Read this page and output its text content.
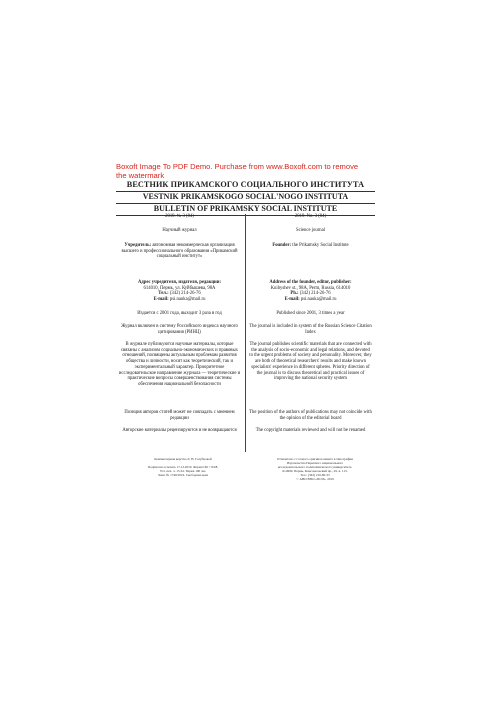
Boxoft Image To PDF Demo. Purchase from www.Boxoft.com to remove
the watermark
ВЕСТНИК ПРИКАМСКОГО СОЦИАЛЬНОГО ИНСТИТУТА
VESTNIK PRIKAMSKOGO SOCIAL'NOGO INSTITUTA
BULLETIN OF PRIKAMSKY SOCIAL INSTITUTE
2019. № 3 (84)
Научный журнал
Учредитель: автономная некоммерческая организация высшего и профессионального образования «Прикамский социальный институт»
Адрес учредителя, издателя, редакции:
614010, Пермь, ул. Куйбышева, 98А
Тел.: (342) 214-26-76
E-mail: psi.nauka@mail.ru
Издается с 2001 года, выходит 3 раза в год
Журнал включен в систему Российского индекса научного цитирования (РИНЦ)
В журнале публикуются научные материалы, которые связаны с анализом социально-экономических и правовых отношений, посвящены актуальным проблемам развития общества и личности, носят как теоретический, так и экспериментальный характер. Приоритетное исследовательское направление журнала — теоретические и практические вопросы совершенствования системы обеспечения национальной безопасности
Позиция авторов статей может не совпадать с мнением редакции
Авторские материалы рецензируются и не возвращаются
2019. No. 3 (84)
Science journal
Founder: the Prikamsky Social Institute
Address of the founder, editor, publisher:
Kuibyshev st., 98A, Perm, Russia, 614010
Ph.: (342) 214-26-76
E-mail: psi.nauka@mail.ru
Published since 2001, 3 times a year
The journal is included in system of the Russian Science Citation Index
The journal publishes scientific materials that are connected with the analysis of socio-economic and legal relations, and devoted to the urgent problems of society and personality. Moreover, they are both of theoretical researchers' results and make known specialists' experience in different spheres. Priority direction of the journal is to discuss theoretical and practical issues of improving the national security system
The position of the authors of publications may not coincide with the opinion of the editorial board
The copyright materials reviewed and will not be renamed
Компьютерная верстка Л. Н. Голубцовой
Подписано в печать 17.12.2019. Формат 60 × 84/8.
Усл. печ. л. 15,34. Тираж 100 экз.
Заказ № 1740/2019. Свободная цена
Отпечатано с готового оригинал-макета в типографии
Издательства Пермского национального
исследовательского политехнического университета.
614990, Пермь, Комсомольский пр., 29, к. 113.
Тел.: (342) 219-80-33
© АНО ВПО «ПСИ», 2019
